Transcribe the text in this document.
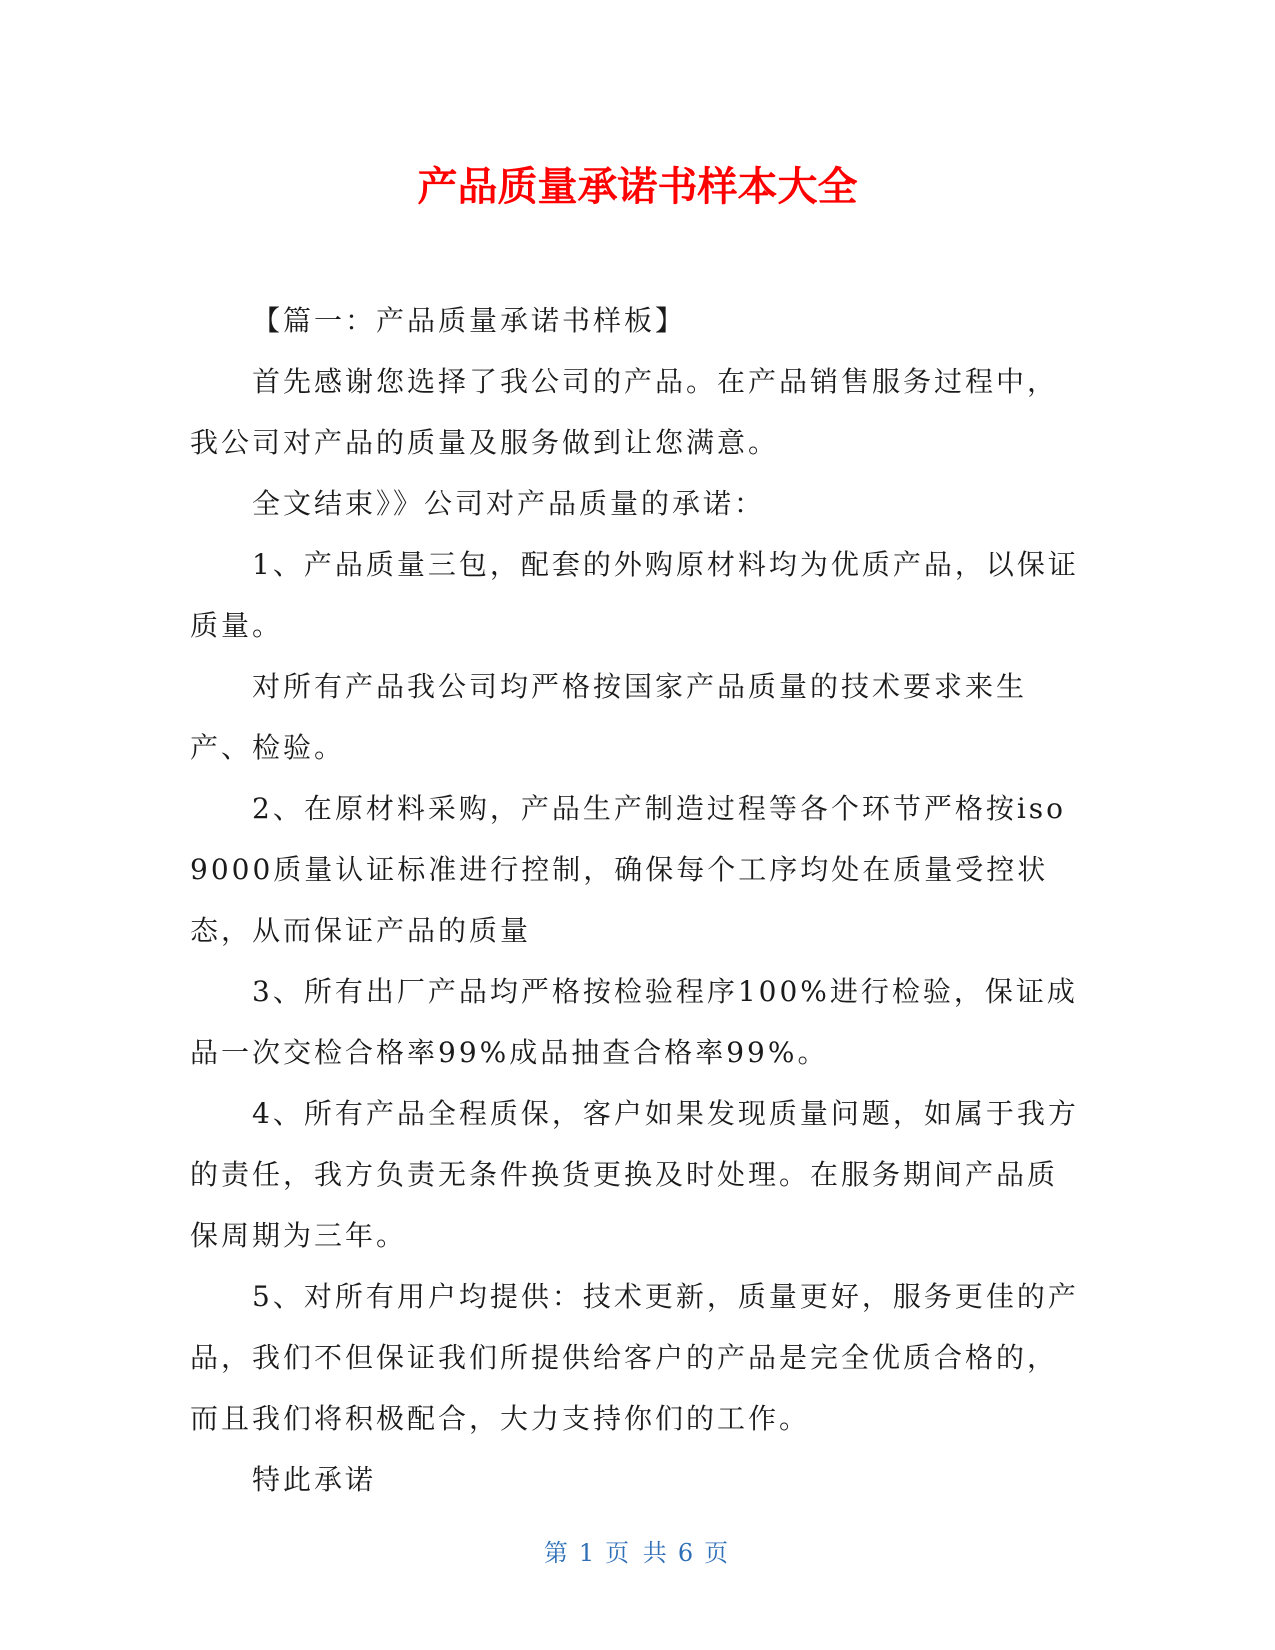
产品质量承诺书样本大全

【篇一：产品质量承诺书样板】

首先感谢您选择了我公司的产品。在产品销售服务过程中，我公司对产品的质量及服务做到让您满意。

全文结束》》公司对产品质量的承诺：

1、产品质量三包，配套的外购原材料均为优质产品，以保证质量。

对所有产品我公司均严格按国家产品质量的技术要求来生产、检验。

2、在原材料采购，产品生产制造过程等各个环节严格按iso9000质量认证标准进行控制，确保每个工序均处在质量受控状态，从而保证产品的质量

3、所有出厂产品均严格按检验程序100%进行检验，保证成品一次交检合格率99%成品抽查合格率99%。

4、所有产品全程质保，客户如果发现质量问题，如属于我方的责任，我方负责无条件换货更换及时处理。在服务期间产品质保周期为三年。

5、对所有用户均提供：技术更新，质量更好，服务更佳的产品，我们不但保证我们所提供给客户的产品是完全优质合格的，而且我们将积极配合，大力支持你们的工作。

特此承诺

第 1 页 共 6 页
